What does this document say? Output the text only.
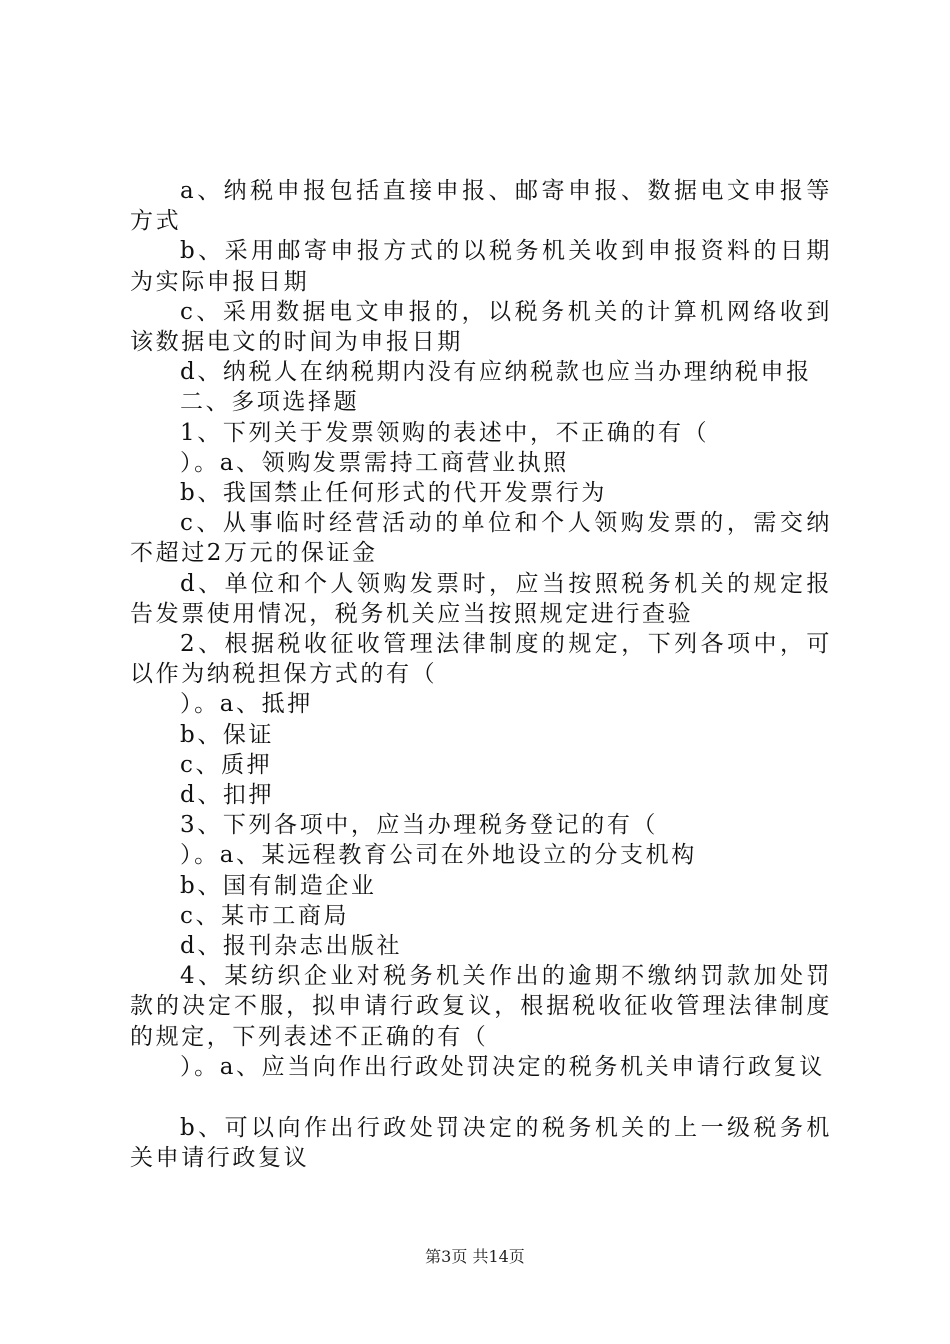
a、纳税申报包括直接申报、邮寄申报、数据电文申报等方式

b、采用邮寄申报方式的以税务机关收到申报资料的日期为实际申报日期

c、采用数据电文申报的，以税务机关的计算机网络收到该数据电文的时间为申报日期

d、纳税人在纳税期内没有应纳税款也应当办理纳税申报

二、多项选择题

1、下列关于发票领购的表述中，不正确的有（

）。a、领购发票需持工商营业执照

b、我国禁止任何形式的代开发票行为

c、从事临时经营活动的单位和个人领购发票的，需交纳不超过2万元的保证金

d、单位和个人领购发票时，应当按照税务机关的规定报告发票使用情况，税务机关应当按照规定进行查验

2、根据税收征收管理法律制度的规定，下列各项中，可以作为纳税担保方式的有（

）。a、抵押

b、保证

c、质押

d、扣押

3、下列各项中，应当办理税务登记的有（

）。a、某远程教育公司在外地设立的分支机构

b、国有制造企业

c、某市工商局

d、报刊杂志出版社

4、某纺织企业对税务机关作出的逾期不缴纳罚款加处罚款的决定不服，拟申请行政复议，根据税收征收管理法律制度的规定，下列表述不正确的有（

）。a、应当向作出行政处罚决定的税务机关申请行政复议

b、可以向作出行政处罚决定的税务机关的上一级税务机关申请行政复议

第3页 共14页
